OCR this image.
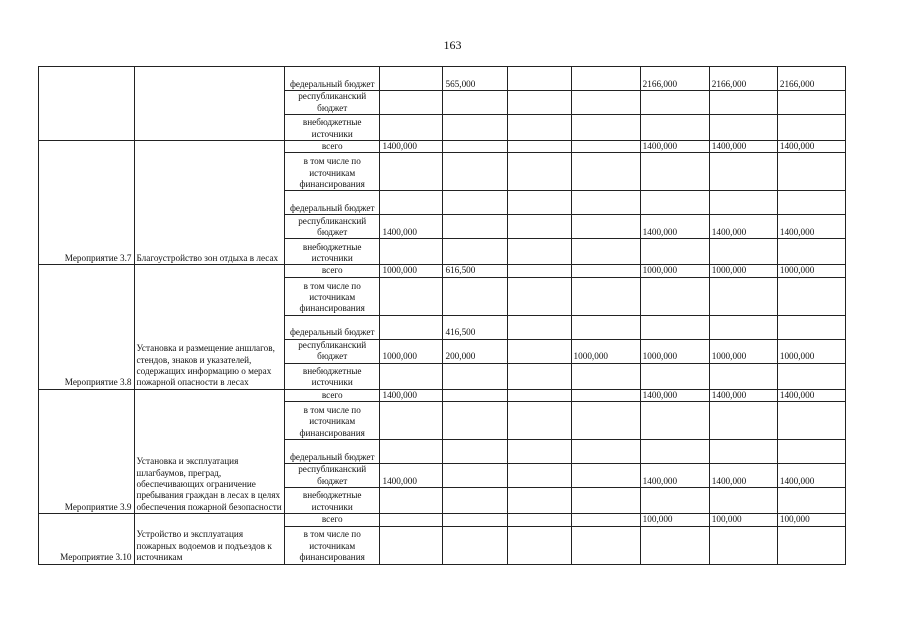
163
		федеральный бюджет		565,000			2166,000	2166,000	2166,000
		республиканский бюджет							
		внебюджетные источники							
Мероприятие 3.7	Благоустройство зон отдыха в лесах	всего	1400,000				1400,000	1400,000	1400,000
		в том числе по источникам финансирования							
		федеральный бюджет							
		республиканский бюджет	1400,000				1400,000	1400,000	1400,000
		внебюджетные источники							
Мероприятие 3.8	Установка и размещение аншлагов, стендов, знаков и указателей, содержащих информацию о мерах пожарной опасности в лесах	всего	1000,000	616,500			1000,000	1000,000	1000,000
		в том числе по источникам финансирования							
		федеральный бюджет		416,500					
		республиканский бюджет	1000,000	200,000		1000,000	1000,000	1000,000	1000,000
		внебюджетные источники							
Мероприятие 3.9	Установка и эксплуатация шлагбаумов, преград, обеспечивающих ограничение пребывания граждан в лесах в целях обеспечения пожарной безопасности	всего	1400,000				1400,000	1400,000	1400,000
		в том числе по источникам финансирования							
		федеральный бюджет							
		республиканский бюджет	1400,000				1400,000	1400,000	1400,000
		внебюджетные источники							
Мероприятие 3.10	Устройство и эксплуатация пожарных водоемов и подъездов к источникам	всего					100,000	100,000	100,000
		в том числе по источникам финансирования							
